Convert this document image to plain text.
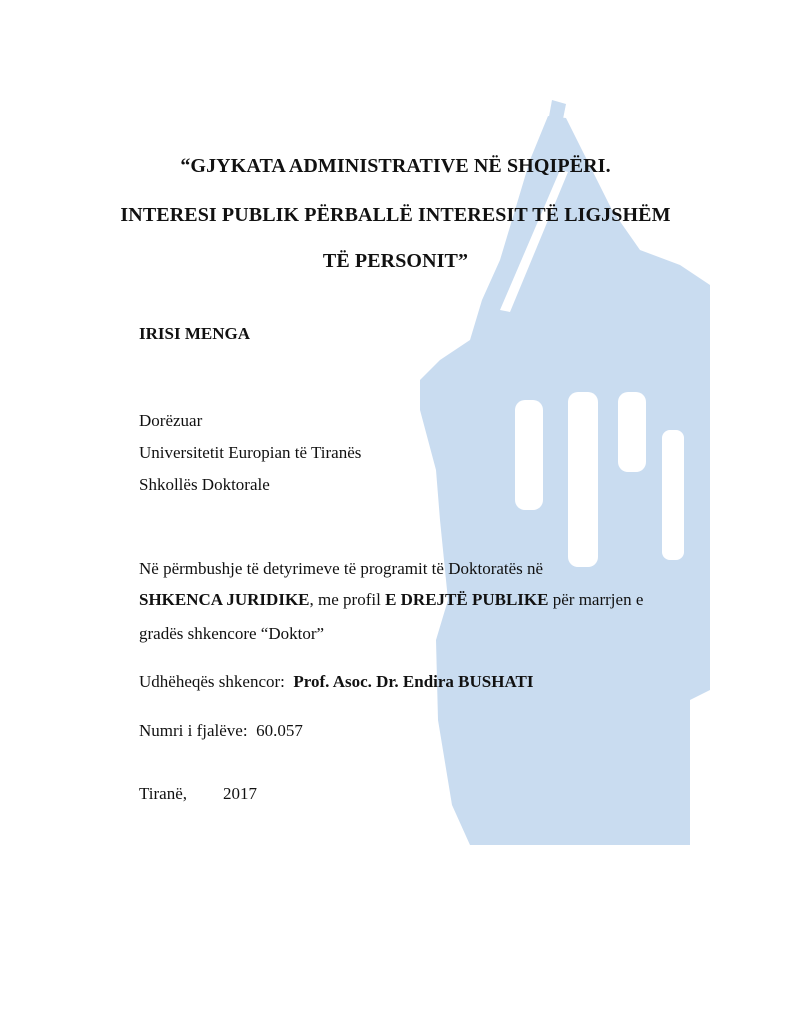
“GJYKATA ADMINISTRATIVE NË SHQIPËRI.
INTERESI PUBLIK PËRBALLË INTERESIT TË LIGJSHËM
TË PERSONIT”
IRISI MENGA
Dorëzuar
Universitetit Europian të Tiranës
Shkollës Doktorale
Në përmbushje të detyrimeve të programit të Doktoratës në
SHKENCA JURIDIKE, me profil E DREJTË PUBLIKE për marrjen e
gradës shkencore “Doktor”
Udhëheqës shkencor: Prof. Asoc. Dr. Endira BUSHATI
Numri i fjalëve: 60.057
Tiranë, 2017
